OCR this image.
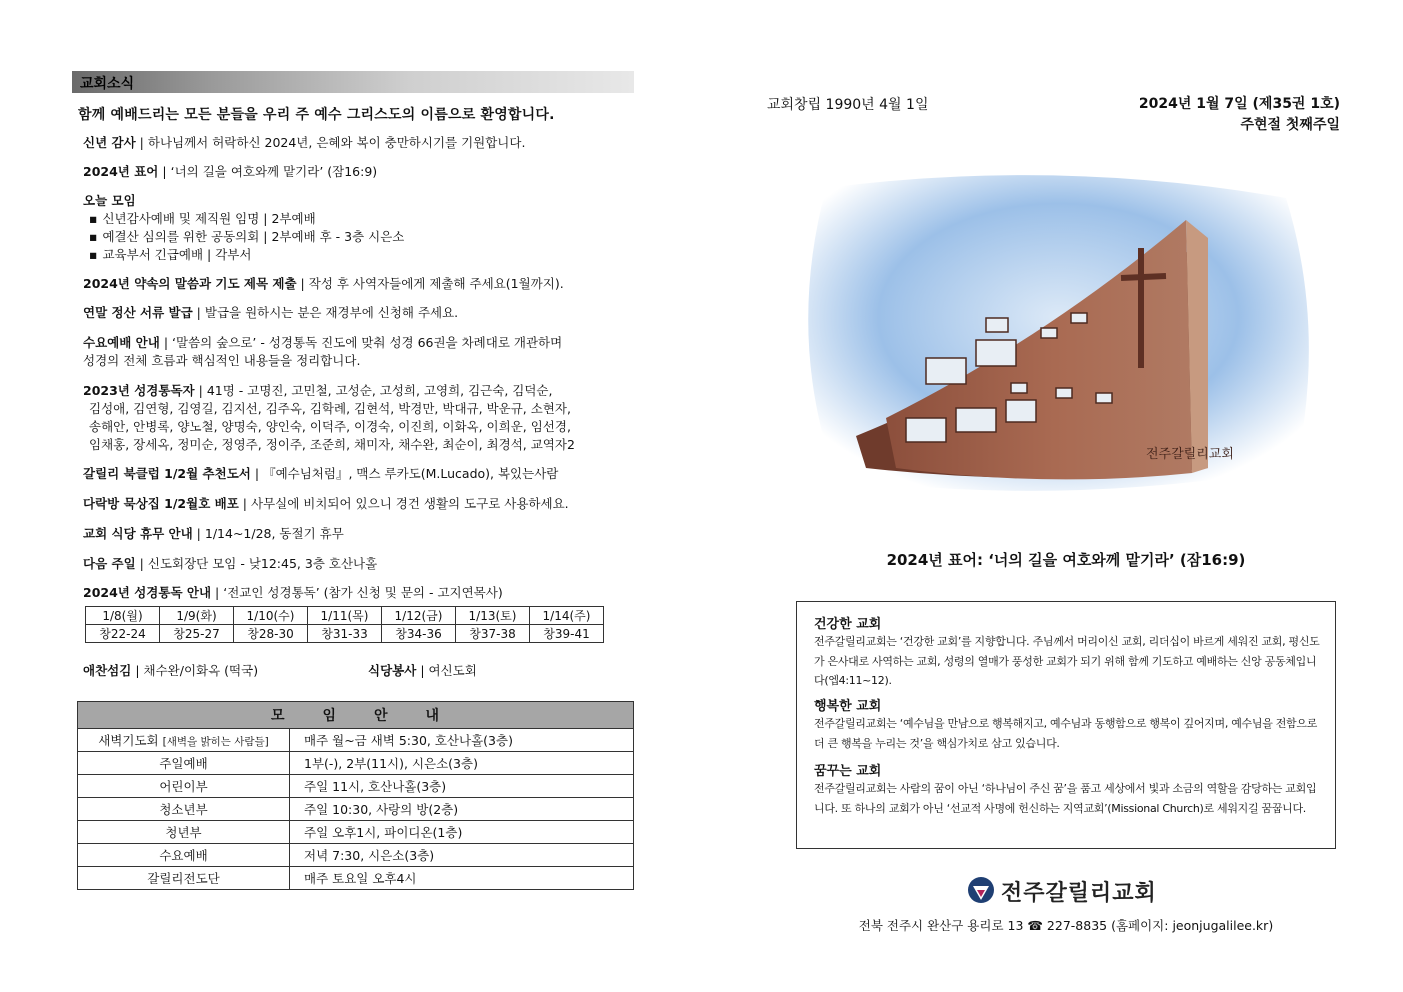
교회소식
함께 예배드리는 모든 분들을 우리 주 예수 그리스도의 이름으로 환영합니다.
신년 감사 | 하나님께서 허락하신 2024년, 은혜와 복이 충만하시기를 기원합니다.
2024년 표어 | ‘너의 길을 여호와께 맡기라’ (잠16:9)
오늘 모임
▪ 신년감사예배 및 제직원 임명 | 2부예배
▪ 예결산 심의를 위한 공동의회 | 2부예배 후 - 3층 시은소
▪ 교육부서 긴급예배 | 각부서
2024년 약속의 말씀과 기도 제목 제출 | 작성 후 사역자들에게 제출해 주세요(1월까지).
연말 정산 서류 발급 | 발급을 원하시는 분은 재경부에 신청해 주세요.
수요예배 안내 | ‘말씀의 숲으로’ - 성경통독 진도에 맞춰 성경 66권을 차례대로 개관하며
성경의 전체 흐름과 핵심적인 내용들을 정리합니다.
2023년 성경통독자 | 41명 - 고명진, 고민철, 고성순, 고성희, 고영희, 김근숙, 김덕순,
김성애, 김연형, 김영길, 김지선, 김주옥, 김학례, 김현석, 박경만, 박대규, 박운규, 소현자,
송해안, 안병록, 양노철, 양명숙, 양인숙, 이덕주, 이경숙, 이진희, 이화옥, 이희운, 임선경,
임채홍, 장세옥, 정미순, 정영주, 정이주, 조준희, 채미자, 채수완, 최순이, 최경석, 교역자2
갈릴리 북클럽 1/2월 추천도서 | 『예수님처럼』, 맥스 루카도(M.Lucado), 복있는사람
다락방 묵상집 1/2월호 배포 | 사무실에 비치되어 있으니 경건 생활의 도구로 사용하세요.
교회 식당 휴무 안내 | 1/14~1/28, 동절기 휴무
다음 주일 | 신도회장단 모임 - 낮12:45, 3층 호산나홀
2024년 성경통독 안내 | ‘전교인 성경통독’ (참가 신청 및 문의 - 고지연목사)
1/8(월)	1/9(화)	1/10(수)	1/11(목)	1/12(금)	1/13(토)	1/14(주)
창22-24	창25-27	창28-30	창31-33	창34-36	창37-38	창39-41
애찬섬김 | 채수완/이화옥 (떡국)	식당봉사 | 여신도회
모임안내	
새벽기도회 [새벽을 밝히는 사람들]	매주 월~금 새벽 5:30, 호산나홀(3층)
주일예배	1부(-), 2부(11시), 시은소(3층)
어린이부	주일 11시, 호산나홀(3층)
청소년부	주일 10:30, 사랑의 방(2층)
청년부	주일 오후1시, 파이디온(1층)
수요예배	저녁 7:30, 시은소(3층)
갈릴리전도단	매주 토요일 오후4시
교회창립 1990년 4월 1일	2024년 1월 7일 (제35권 1호)
주현절 첫째주일
전주갈릴리교회
2024년 표어: ‘너의 길을 여호와께 맡기라’ (잠16:9)
건강한 교회
전주갈릴리교회는 ‘건강한 교회’를 지향합니다. 주님께서 머리이신 교회, 리더십이 바르게 세워진 교회, 평신도가 은사대로 사역하는 교회, 성령의 열매가 풍성한 교회가 되기 위해 함께 기도하고 예배하는 신앙 공동체입니다(엡4:11~12).
행복한 교회
전주갈릴리교회는 ‘예수님을 만남으로 행복해지고, 예수님과 동행함으로 행복이 깊어지며, 예수님을 전함으로 더 큰 행복을 누리는 것’을 핵심가치로 삼고 있습니다.
꿈꾸는 교회
전주갈릴리교회는 사람의 꿈이 아닌 ‘하나님이 주신 꿈’을 품고 세상에서 빛과 소금의 역할을 감당하는 교회입니다. 또 하나의 교회가 아닌 ‘선교적 사명에 헌신하는 지역교회’(Missional Church)로 세워지길 꿈꿉니다.
전주갈릴리교회
전북 전주시 완산구 용리로 13 ☎ 227-8835 (홈페이지: jeonjugalilee.kr)
